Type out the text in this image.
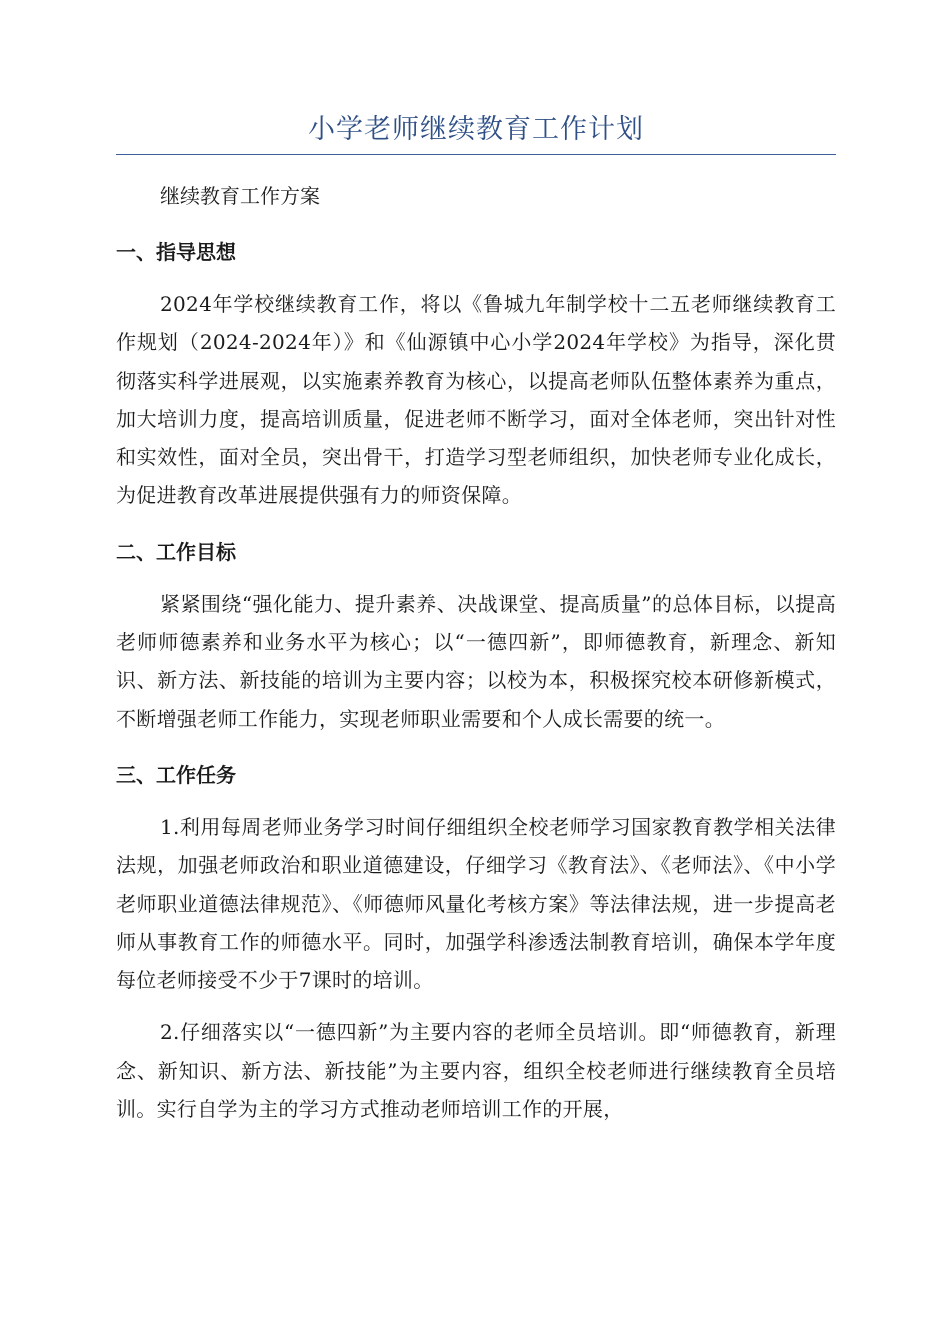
小学老师继续教育工作计划

继续教育工作方案

一、指导思想

2024年学校继续教育工作，将以《鲁城九年制学校十二五老师继续教育工作规划（2024-2024年）》和《仙源镇中心小学2024年学校》为指导，深化贯彻落实科学进展观，以实施素养教育为核心，以提高老师队伍整体素养为重点，加大培训力度，提高培训质量，促进老师不断学习，面对全体老师，突出针对性和实效性，面对全员，突出骨干，打造学习型老师组织，加快老师专业化成长，为促进教育改革进展提供强有力的师资保障。

二、工作目标

紧紧围绕“强化能力、提升素养、决战课堂、提高质量”的总体目标，以提高老师师德素养和业务水平为核心；以“一德四新”，即师德教育，新理念、新知识、新方法、新技能的培训为主要内容；以校为本，积极探究校本研修新模式，不断增强老师工作能力，实现老师职业需要和个人成长需要的统一。

三、工作任务

1.利用每周老师业务学习时间仔细组织全校老师学习国家教育教学相关法律法规，加强老师政治和职业道德建设，仔细学习《教育法》、《老师法》、《中小学老师职业道德法律规范》、《师德师风量化考核方案》等法律法规，进一步提高老师从事教育工作的师德水平。同时，加强学科渗透法制教育培训，确保本学年度每位老师接受不少于7课时的培训。

2.仔细落实以“一德四新”为主要内容的老师全员培训。即“师德教育，新理念、新知识、新方法、新技能”为主要内容，组织全校老师进行继续教育全员培训。实行自学为主的学习方式推动老师培训工作的开展，
